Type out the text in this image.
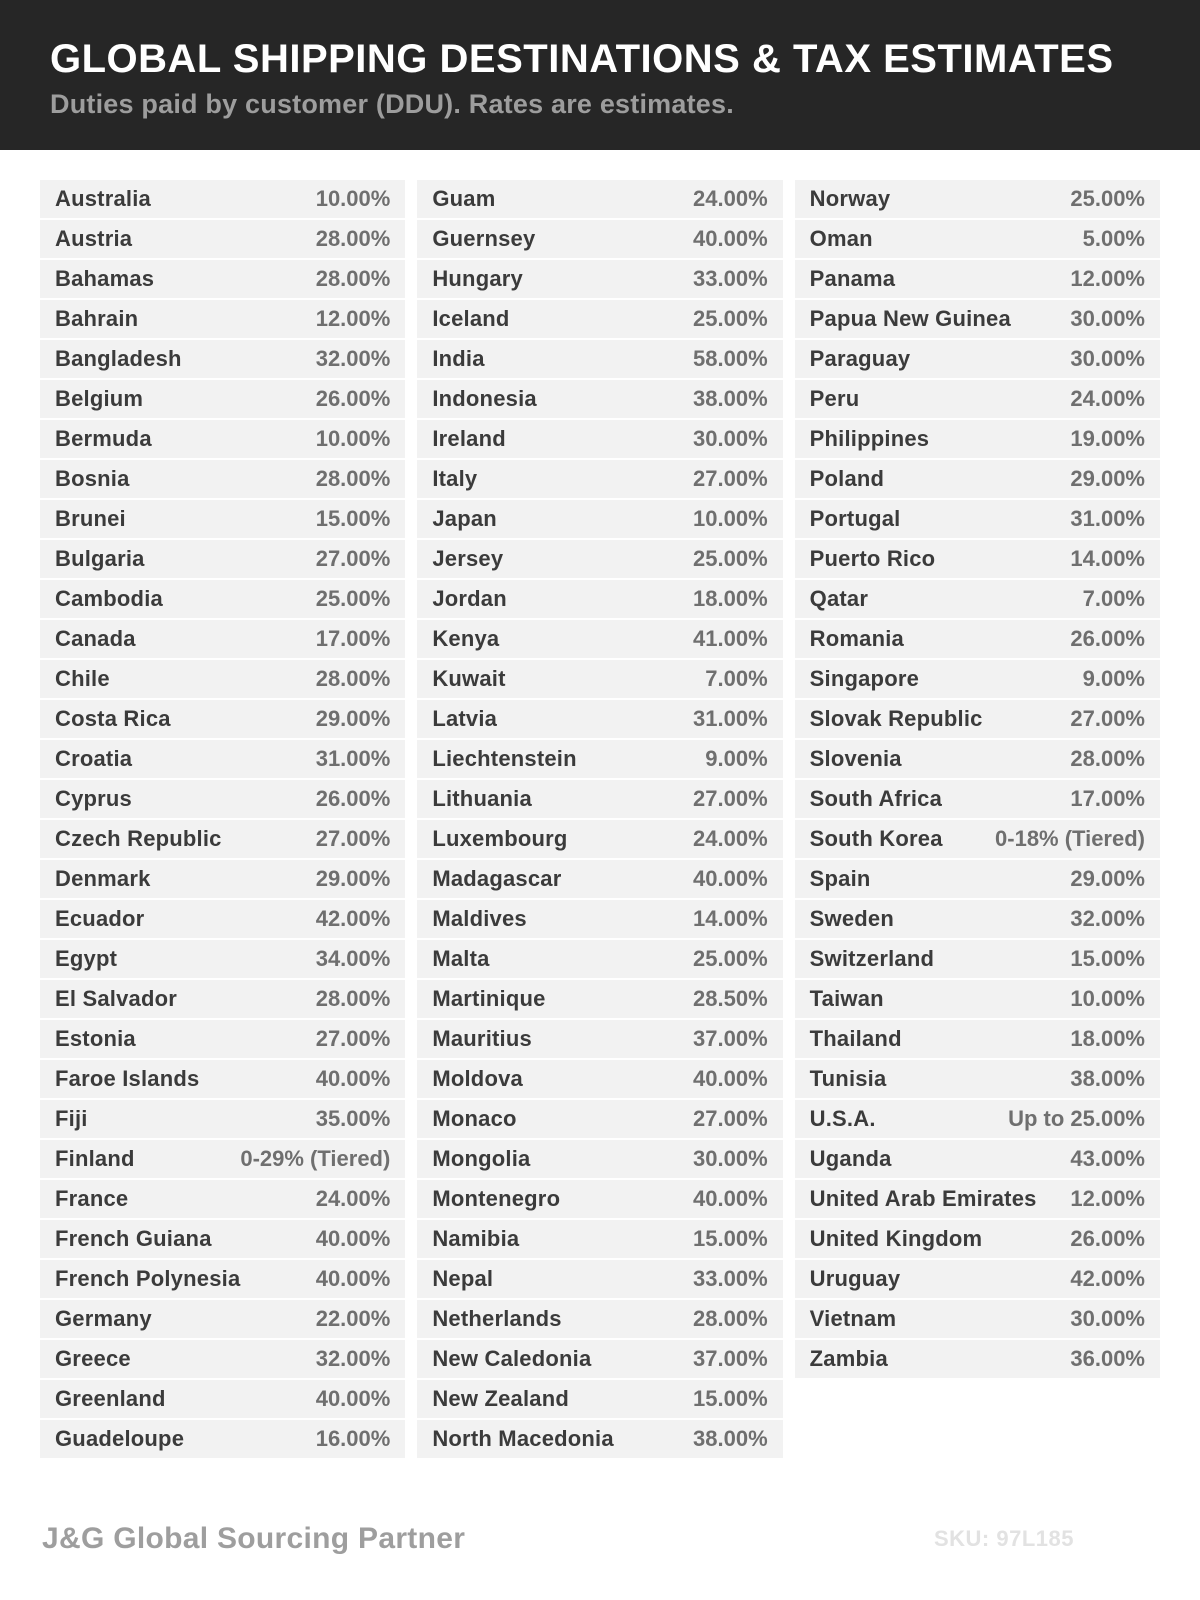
GLOBAL SHIPPING DESTINATIONS & TAX ESTIMATES
Duties paid by customer (DDU). Rates are estimates.
Australia	10.00%
Austria	28.00%
Bahamas	28.00%
Bahrain	12.00%
Bangladesh	32.00%
Belgium	26.00%
Bermuda	10.00%
Bosnia	28.00%
Brunei	15.00%
Bulgaria	27.00%
Cambodia	25.00%
Canada	17.00%
Chile	28.00%
Costa Rica	29.00%
Croatia	31.00%
Cyprus	26.00%
Czech Republic	27.00%
Denmark	29.00%
Ecuador	42.00%
Egypt	34.00%
El Salvador	28.00%
Estonia	27.00%
Faroe Islands	40.00%
Fiji	35.00%
Finland	0-29% (Tiered)
France	24.00%
French Guiana	40.00%
French Polynesia	40.00%
Germany	22.00%
Greece	32.00%
Greenland	40.00%
Guadeloupe	16.00%
Guam	24.00%
Guernsey	40.00%
Hungary	33.00%
Iceland	25.00%
India	58.00%
Indonesia	38.00%
Ireland	30.00%
Italy	27.00%
Japan	10.00%
Jersey	25.00%
Jordan	18.00%
Kenya	41.00%
Kuwait	7.00%
Latvia	31.00%
Liechtenstein	9.00%
Lithuania	27.00%
Luxembourg	24.00%
Madagascar	40.00%
Maldives	14.00%
Malta	25.00%
Martinique	28.50%
Mauritius	37.00%
Moldova	40.00%
Monaco	27.00%
Mongolia	30.00%
Montenegro	40.00%
Namibia	15.00%
Nepal	33.00%
Netherlands	28.00%
New Caledonia	37.00%
New Zealand	15.00%
North Macedonia	38.00%
Norway	25.00%
Oman	5.00%
Panama	12.00%
Papua New Guinea	30.00%
Paraguay	30.00%
Peru	24.00%
Philippines	19.00%
Poland	29.00%
Portugal	31.00%
Puerto Rico	14.00%
Qatar	7.00%
Romania	26.00%
Singapore	9.00%
Slovak Republic	27.00%
Slovenia	28.00%
South Africa	17.00%
South Korea	0-18% (Tiered)
Spain	29.00%
Sweden	32.00%
Switzerland	15.00%
Taiwan	10.00%
Thailand	18.00%
Tunisia	38.00%
U.S.A.	Up to 25.00%
Uganda	43.00%
United Arab Emirates	12.00%
United Kingdom	26.00%
Uruguay	42.00%
Vietnam	30.00%
Zambia	36.00%
J&G Global Sourcing Partner	SKU: 97L185
